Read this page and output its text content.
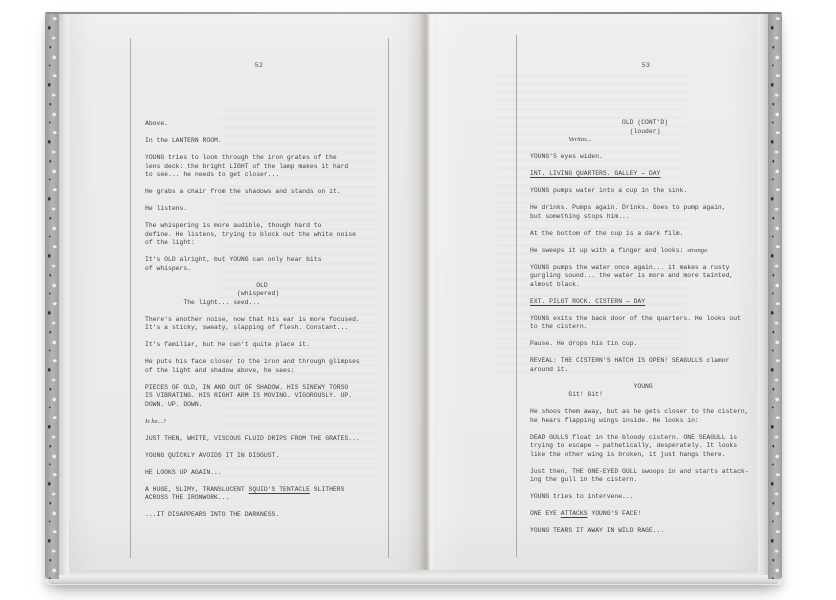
52
Above.
In the LANTERN ROOM.
YOUNG tries to look through the iron grates of the
lens deck: the bright LIGHT of the lamp makes it hard
to see... he needs to get closer...
He grabs a chair from the shadows and stands on it.
He listens.
The whispering is more audible, though hard to
define. He listens, trying to block out the white noise
of the light:
It's OLD alright, but YOUNG can only hear bits
of whispers.
OLD
(whispered)
The light... seed...
There's another noise, now that his ear is more focused.
It's a sticky, sweaty, slapping of flesh. Constant...
It's familiar, but he can't quite place it.
He puts his face closer to the iron and through glimpses
of the light and shadow above, he sees:
PIECES OF OLD, IN AND OUT OF SHADOW. HIS SINEWY TORSO
IS VIBRATING. HIS RIGHT ARM IS MOVING. VIGOROUSLY. UP.
DOWN. UP. DOWN.
Is he...?
JUST THEN, WHITE, VISCOUS FLUID DRIPS FROM THE GRATES...
YOUNG QUICKLY AVOIDS IT IN DISGUST.
HE LOOKS UP AGAIN...
A HUGE, SLIMY, TRANSLUCENT SQUID'S TENTACLE SLITHERS
ACROSS THE IRONWORK...
...IT DISAPPEARS INTO THE DARKNESS.
53
OLD (CONT'D)
(louder)
Veritas...
YOUNG'S eyes widen.
INT. LIVING QUARTERS. GALLEY — DAY
YOUNG pumps water into a cup in the sink.
He drinks. Pumps again. Drinks. Goes to pump again,
but something stops him...
At the bottom of the cup is a dark film.
He sweeps it up with a finger and looks: strange.
YOUNG pumps the water once again... it makes a rusty
gurgling sound... the water is more and more tainted,
almost black.
EXT. PILOT ROCK. CISTERN — DAY
YOUNG exits the back door of the quarters. He looks out
to the cistern.
Pause. He drops his tin cup.
REVEAL: THE CISTERN'S HATCH IS OPEN! SEAGULLS clamor
around it.
YOUNG
Git! Git!
He shoos them away, but as he gets closer to the cistern,
he hears flapping wings inside. He looks in:
DEAD GULLS float in the bloody cistern. ONE SEAGULL is
trying to escape — pathetically, desperately. It looks
like the other wing is broken, it just hangs there.
Just then, THE ONE-EYED GULL swoops in and starts attack-
ing the gull in the cistern.
YOUNG tries to intervene...
ONE EYE ATTACKS YOUNG'S FACE!
YOUNG TEARS IT AWAY IN WILD RAGE...
